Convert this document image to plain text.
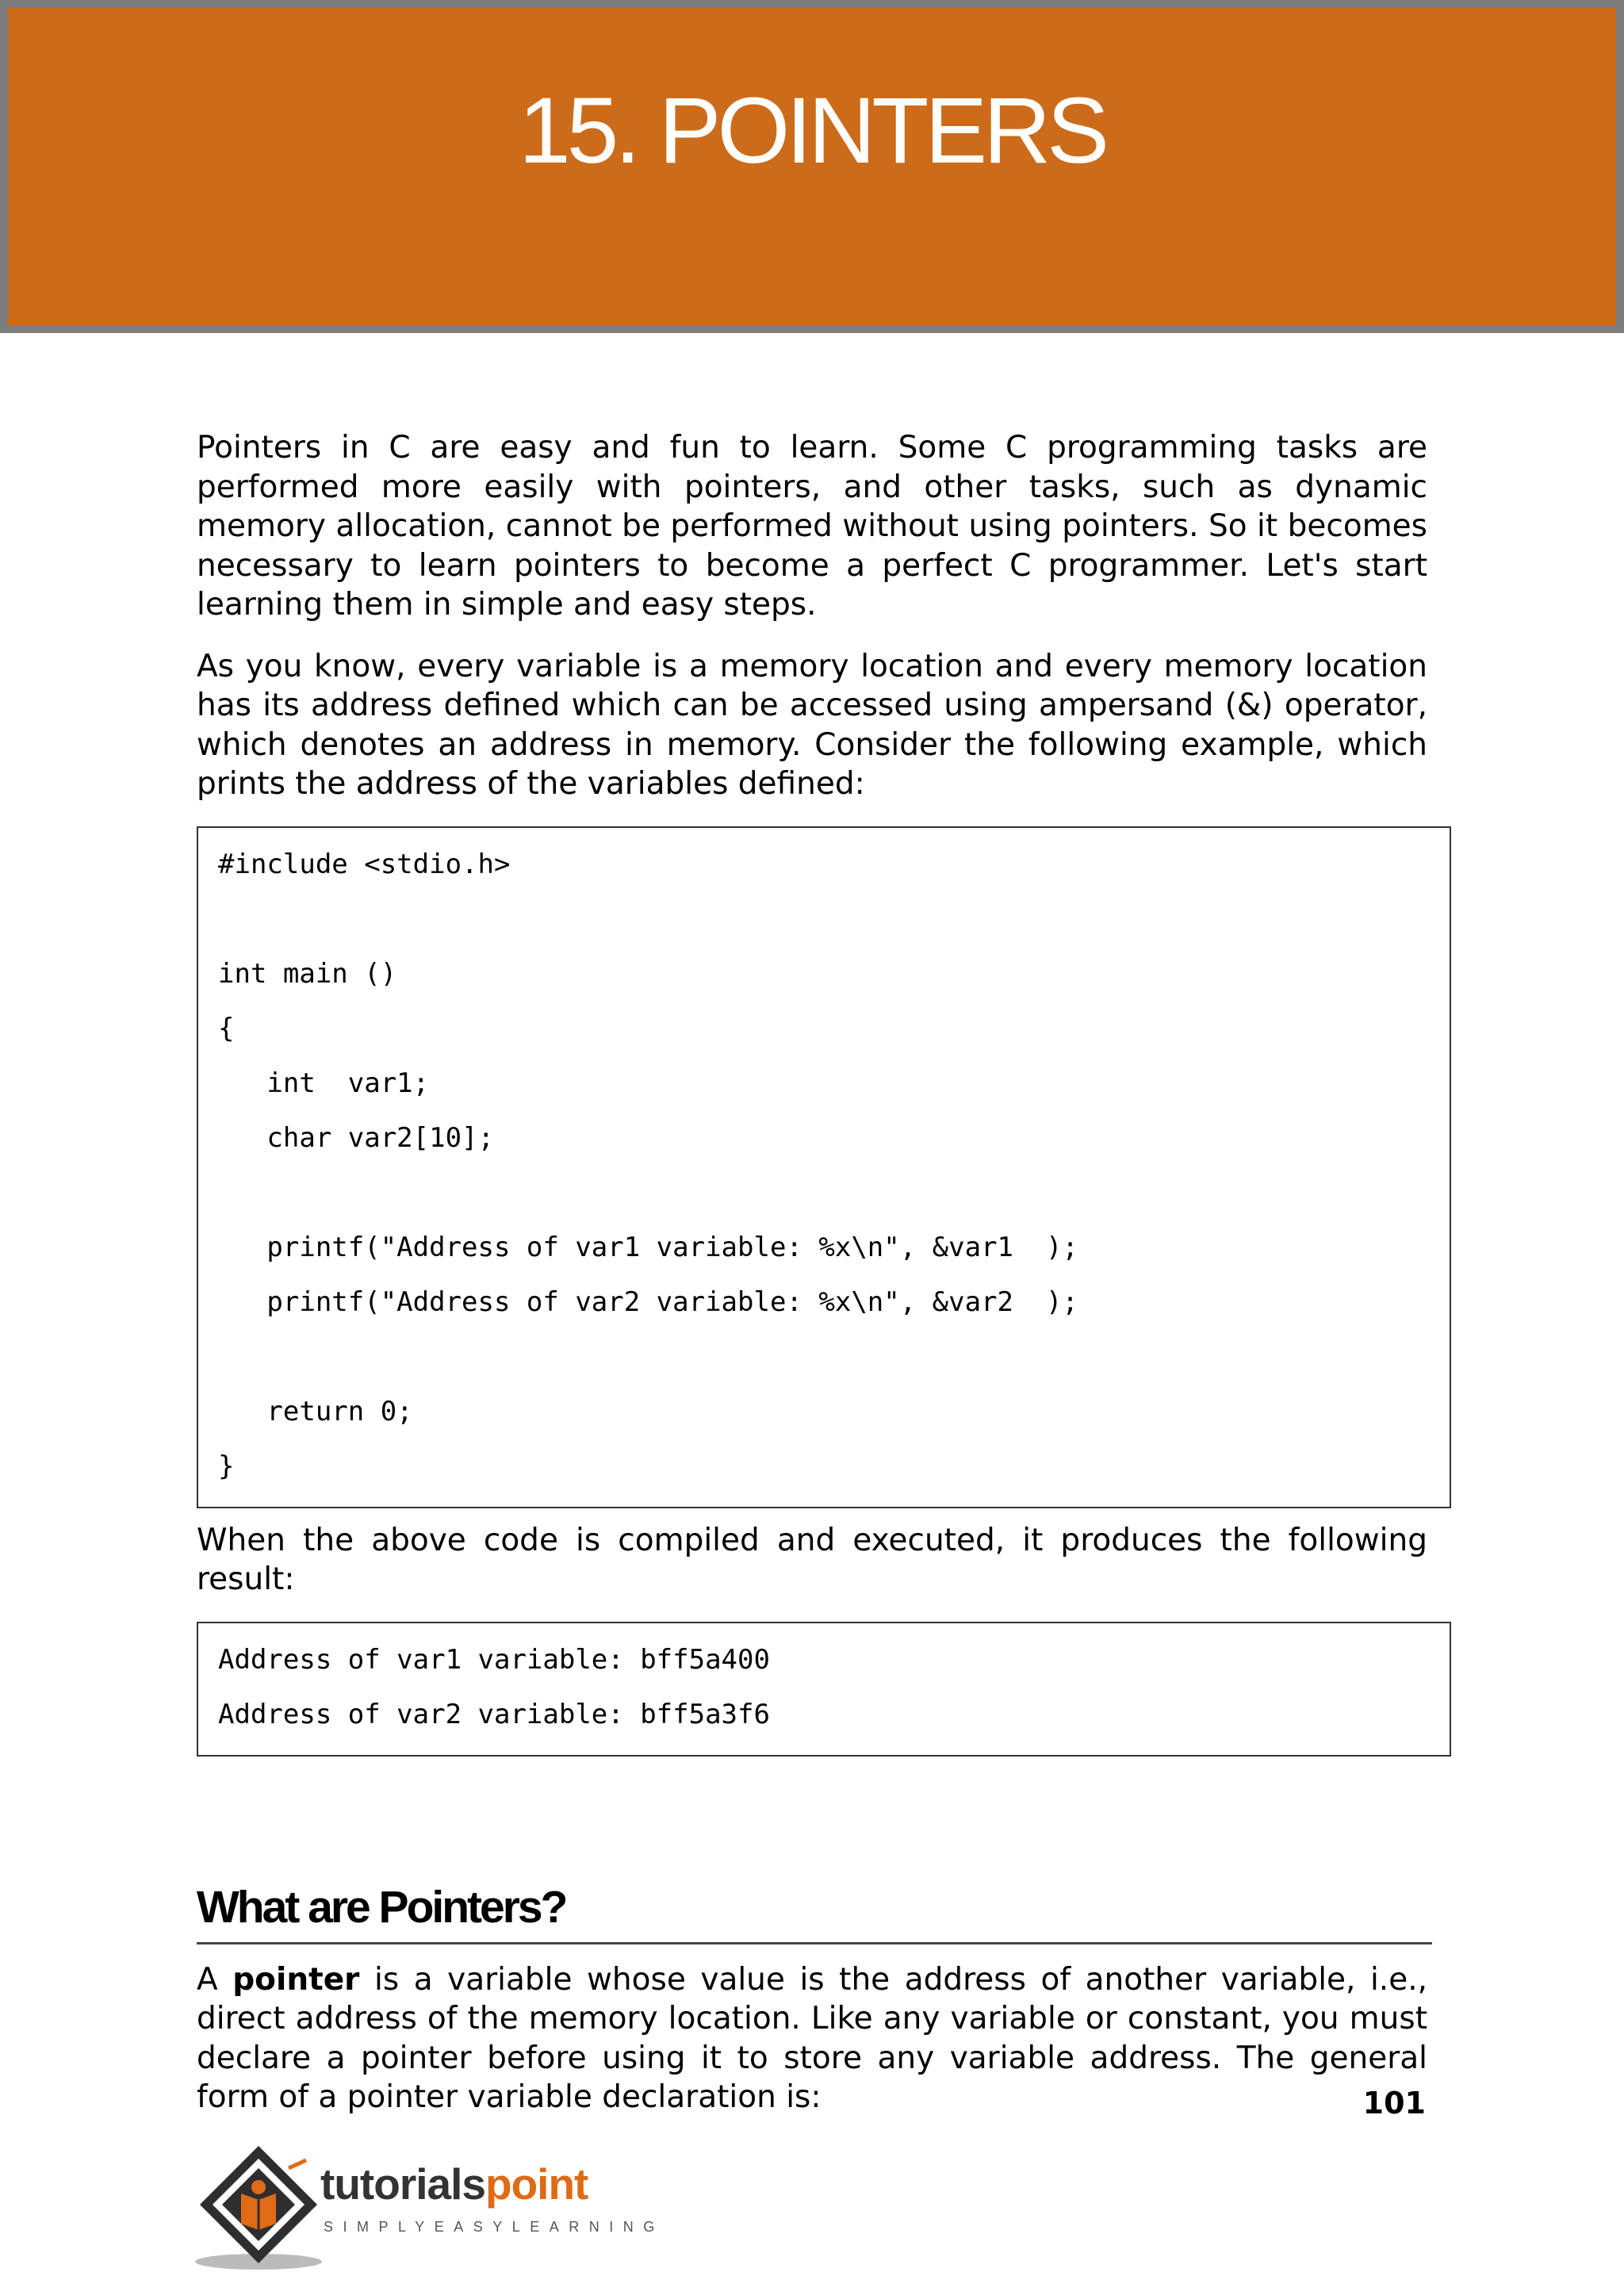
15. POINTERS

Pointers in C are easy and fun to learn. Some C programming tasks are performed more easily with pointers, and other tasks, such as dynamic memory allocation, cannot be performed without using pointers. So it becomes necessary to learn pointers to become a perfect C programmer. Let's start learning them in simple and easy steps.

As you know, every variable is a memory location and every memory location has its address defined which can be accessed using ampersand (&) operator, which denotes an address in memory. Consider the following example, which prints the address of the variables defined:

#include <stdio.h>
int main ()
{
int  var1;
char var2[10];
printf("Address of var1 variable: %x\n", &var1  );
printf("Address of var2 variable: %x\n", &var2  );
return 0;
}

When the above code is compiled and executed, it produces the following result:

Address of var1 variable: bff5a400
Address of var2 variable: bff5a3f6
What are Pointers?

A pointer is a variable whose value is the address of another variable, i.e., direct address of the memory location. Like any variable or constant, you must declare a pointer before using it to store any variable address. The general form of a pointer variable declaration is:	101
tutorialspoint
SIMPLYEASYLEARNING
